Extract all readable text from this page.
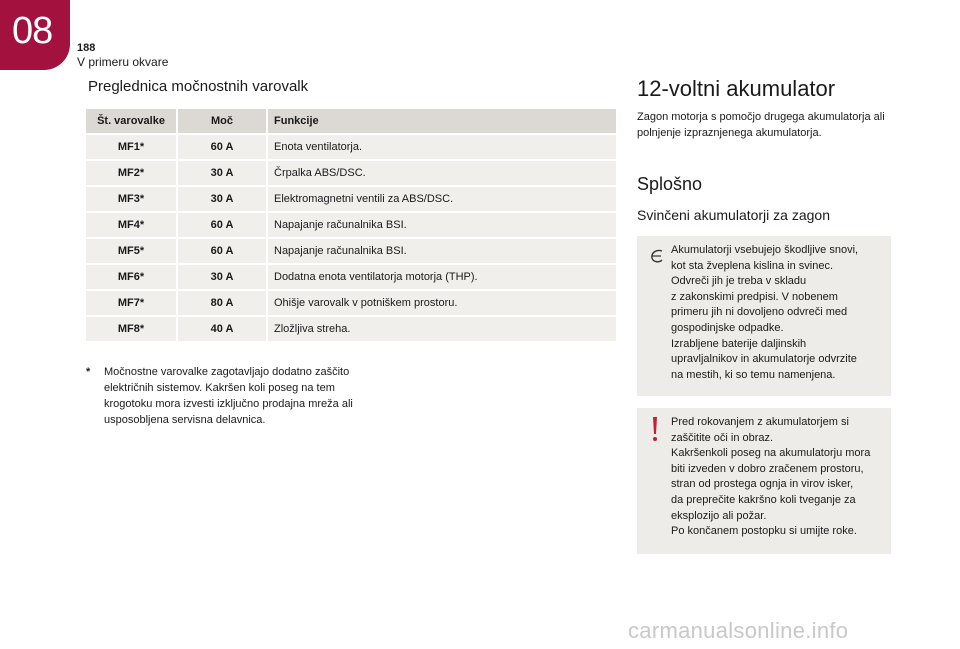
08 188
V primeru okvare
Preglednica močnostnih varovalk
Št. varovalke	Moč	Funkcije
MF1*	60 A	Enota ventilatorja.
MF2*	30 A	Črpalka ABS/DSC.
MF3*	30 A	Elektromagnetni ventili za ABS/DSC.
MF4*	60 A	Napajanje računalnika BSI.
MF5*	60 A	Napajanje računalnika BSI.
MF6*	30 A	Dodatna enota ventilatorja motorja (THP).
MF7*	80 A	Ohišje varovalk v potniškem prostoru.
MF8*	40 A	Zložljiva streha.
* Močnostne varovalke zagotavljajo dodatno zaščito električnih sistemov. Kakršen koli poseg na tem krogotoku mora izvesti izključno prodajna mreža ali usposobljena servisna delavnica.
12-voltni akumulator
Zagon motorja s pomočjo drugega akumulatorja ali polnjenje izpraznjenega akumulatorja.
Splošno
Svinčeni akumulatorji za zagon
Akumulatorji vsebujejo škodljive snovi,
kot sta žveplena kislina in svinec.
Odvreči jih je treba v skladu
z zakonskimi predpisi. V nobenem
primeru jih ni dovoljeno odvreči med
gospodinjske odpadke.
Izrabljene baterije daljinskih
upravljalnikov in akumulatorje odvrzite
na mestih, ki so temu namenjena.
Pred rokovanjem z akumulatorjem si
zaščitite oči in obraz.
Kakršenkoli poseg na akumulatorju mora
biti izveden v dobro zračenem prostoru,
stran od prostega ognja in virov isker,
da preprečite kakršno koli tveganje za
eksplozijo ali požar.
Po končanem postopku si umijte roke.
carmanualsonline.info
